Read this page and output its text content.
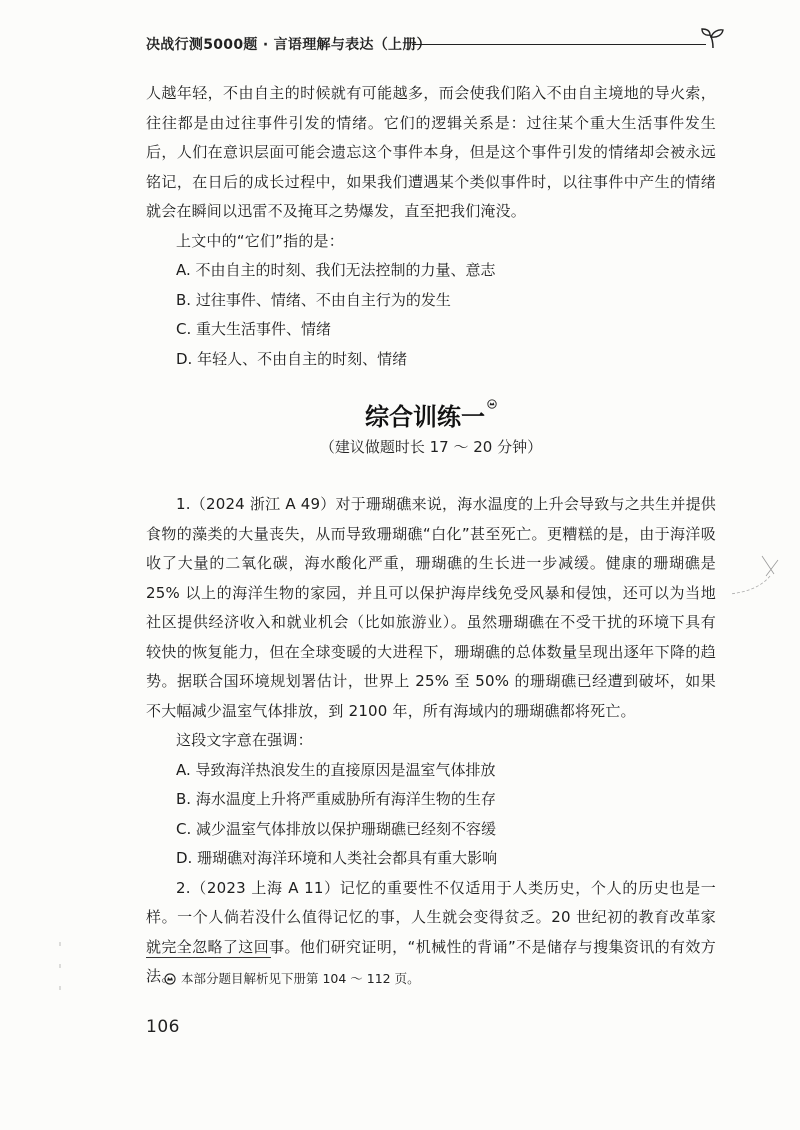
决战行测5000题 · 言语理解与表达（上册）

人越年轻，不由自主的时候就有可能越多，而会使我们陷入不由自主境地的导火索，往往都是由过往事件引发的情绪。它们的逻辑关系是：过往某个重大生活事件发生后，人们在意识层面可能会遗忘这个事件本身，但是这个事件引发的情绪却会被永远铭记，在日后的成长过程中，如果我们遭遇某个类似事件时，以往事件中产生的情绪就会在瞬间以迅雷不及掩耳之势爆发，直至把我们淹没。

上文中的“它们”指的是：

A. 不由自主的时刻、我们无法控制的力量、意志
B. 过往事件、情绪、不由自主行为的发生
C. 重大生活事件、情绪
D. 年轻人、不由自主的时刻、情绪
综合训练一
（建议做题时长 17 ～ 20 分钟）

1.（2024 浙江 A 49）对于珊瑚礁来说，海水温度的上升会导致与之共生并提供食物的藻类的大量丧失，从而导致珊瑚礁“白化”甚至死亡。更糟糕的是，由于海洋吸收了大量的二氧化碳，海水酸化严重，珊瑚礁的生长进一步减缓。健康的珊瑚礁是25% 以上的海洋生物的家园，并且可以保护海岸线免受风暴和侵蚀，还可以为当地社区提供经济收入和就业机会（比如旅游业）。虽然珊瑚礁在不受干扰的环境下具有较快的恢复能力，但在全球变暖的大进程下，珊瑚礁的总体数量呈现出逐年下降的趋势。据联合国环境规划署估计，世界上 25% 至 50% 的珊瑚礁已经遭到破坏，如果不大幅减少温室气体排放，到 2100 年，所有海域内的珊瑚礁都将死亡。

这段文字意在强调：

A. 导致海洋热浪发生的直接原因是温室气体排放
B. 海水温度上升将严重威胁所有海洋生物的生存
C. 减少温室气体排放以保护珊瑚礁已经刻不容缓
D. 珊瑚礁对海洋环境和人类社会都具有重大影响

2.（2023 上海 A 11）记忆的重要性不仅适用于人类历史，个人的历史也是一样。一个人倘若没什么值得记忆的事，人生就会变得贫乏。20 世纪初的教育改革家就完全忽略了这回事。他们研究证明，“机械性的背诵”不是储存与搜集资讯的有效方法。 本部分题目解析见下册第 104 ～ 112 页。
106
